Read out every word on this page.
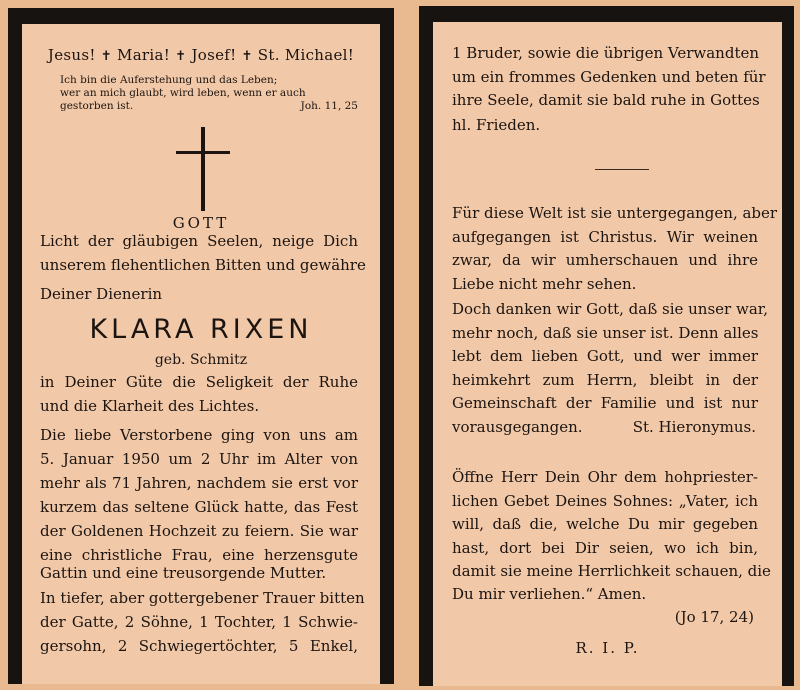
Jesus! ✝ Maria! ✝ Josef! ✝ St. Michael!
Ich bin die Auferstehung und das Leben;
wer an mich glaubt, wird leben, wenn er auch
gestorben ist.	Joh. 11, 25
GOTT
Licht der gläubigen Seelen, neige Dich
unserem flehentlichen Bitten und gewähre
Deiner Dienerin
KLARA RIXEN
geb. Schmitz
in Deiner Güte die Seligkeit der Ruhe
und die Klarheit des Lichtes.
Die liebe Verstorbene ging von uns am
5. Januar 1950 um 2 Uhr im Alter von
mehr als 71 Jahren, nachdem sie erst vor
kurzem das seltene Glück hatte, das Fest
der Goldenen Hochzeit zu feiern. Sie war
eine christliche Frau, eine herzensgute
Gattin und eine treusorgende Mutter.
In tiefer, aber gottergebener Trauer bitten
der Gatte, 2 Söhne, 1 Tochter, 1 Schwie-
gersohn, 2 Schwiegertöchter, 5 Enkel,
1 Bruder, sowie die übrigen Verwandten
um ein frommes Gedenken und beten für
ihre Seele, damit sie bald ruhe in Gottes
hl. Frieden.
Für diese Welt ist sie untergegangen, aber
aufgegangen ist Christus. Wir weinen
zwar, da wir umherschauen und ihre
Liebe nicht mehr sehen.
Doch danken wir Gott, daß sie unser war,
mehr noch, daß sie unser ist. Denn alles
lebt dem lieben Gott, und wer immer
heimkehrt zum Herrn, bleibt in der
Gemeinschaft der Familie und ist nur
vorausgegangen.	St. Hieronymus.
Öffne Herr Dein Ohr dem hohpriester-
lichen Gebet Deines Sohnes: „Vater, ich
will, daß die, welche Du mir gegeben
hast, dort bei Dir seien, wo ich bin,
damit sie meine Herrlichkeit schauen, die
Du mir verliehen.“ Amen.
(Jo 17, 24)
R. I. P.
